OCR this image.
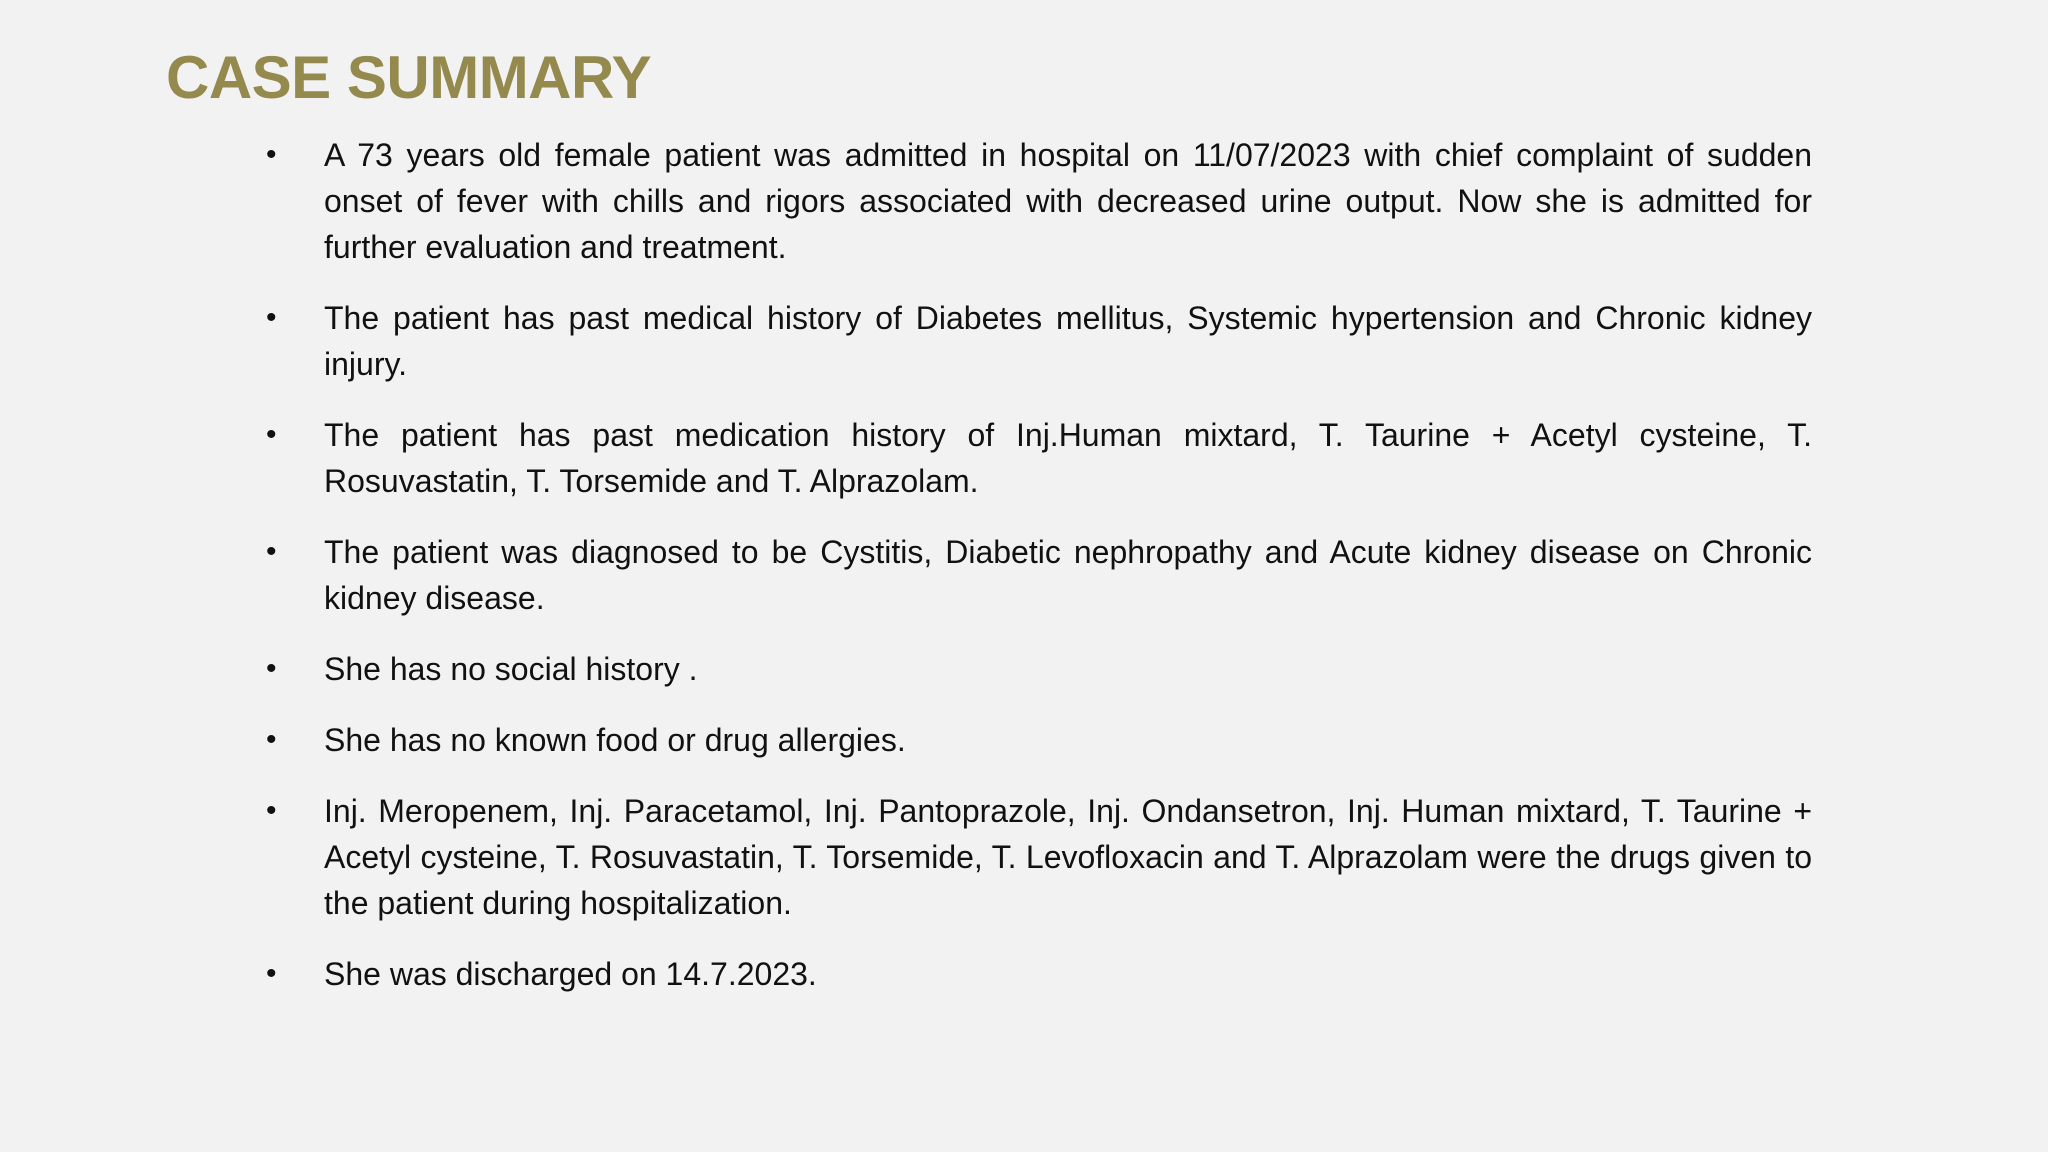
CASE SUMMARY
• A 73 years old female patient was admitted in hospital on 11/07/2023 with chief complaint of sudden onset of fever with chills and rigors associated with decreased urine output. Now she is admitted for further evaluation and treatment.
• The patient has past medical history of Diabetes mellitus, Systemic hypertension and Chronic kidney injury.
• The patient has past medication history of Inj.Human mixtard, T. Taurine + Acetyl cysteine, T. Rosuvastatin, T. Torsemide and T. Alprazolam.
• The patient was diagnosed to be Cystitis, Diabetic nephropathy and Acute kidney disease on Chronic kidney disease.
• She has no social history .
• She has no known food or drug allergies.
• Inj. Meropenem, Inj. Paracetamol, Inj. Pantoprazole, Inj. Ondansetron, Inj. Human mixtard, T. Taurine + Acetyl cysteine, T. Rosuvastatin, T. Torsemide, T. Levofloxacin and T. Alprazolam were the drugs given to the patient during hospitalization.
• She was discharged on 14.7.2023.
